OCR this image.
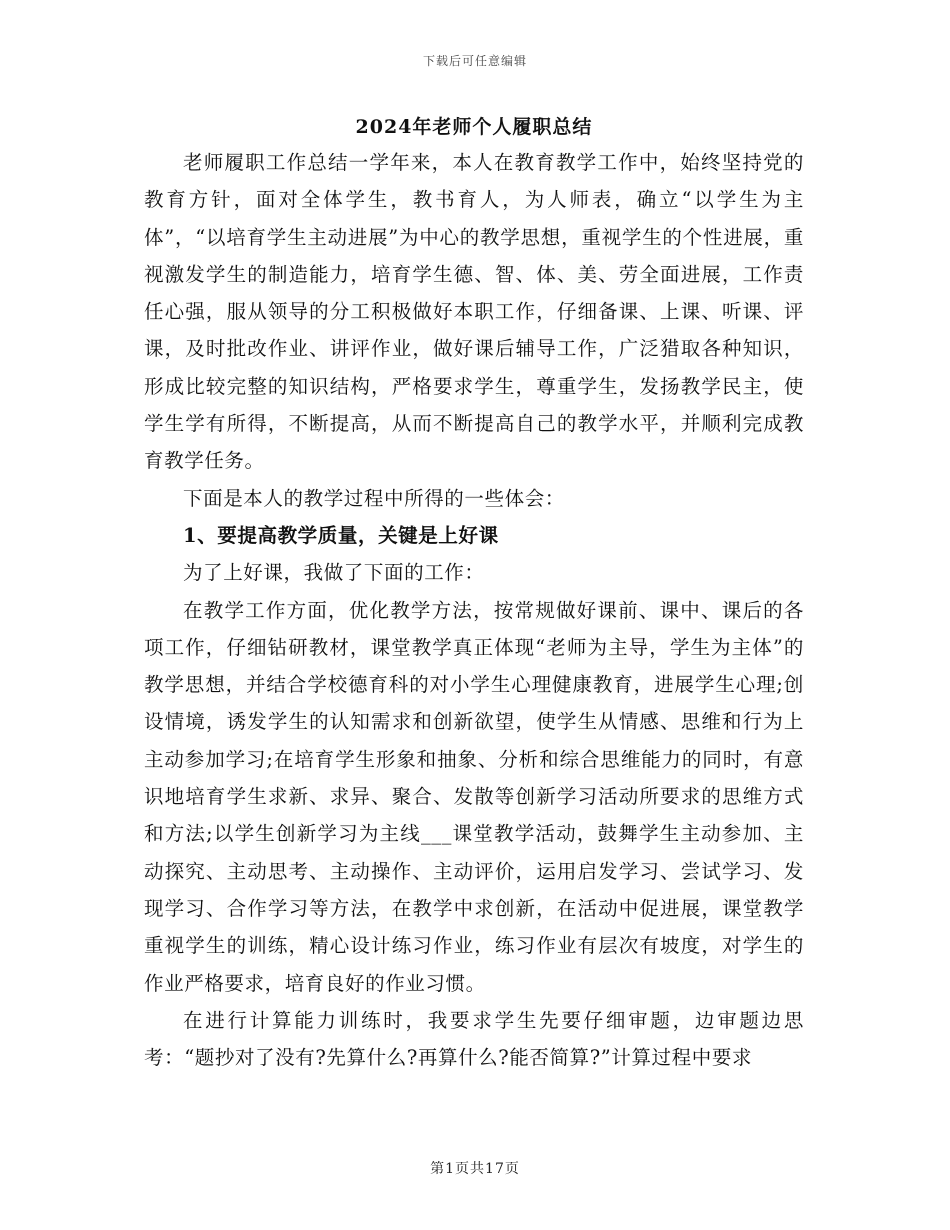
下载后可任意编辑
2024年老师个人履职总结

老师履职工作总结一学年来，本人在教育教学工作中，始终坚持党的教育方针，面对全体学生，教书育人，为人师表，确立“以学生为主体”，“以培育学生主动进展”为中心的教学思想，重视学生的个性进展，重视激发学生的制造能力，培育学生德、智、体、美、劳全面进展，工作责任心强，服从领导的分工积极做好本职工作，仔细备课、上课、听课、评课，及时批改作业、讲评作业，做好课后辅导工作，广泛猎取各种知识，形成比较完整的知识结构，严格要求学生，尊重学生，发扬教学民主，使学生学有所得，不断提高，从而不断提高自己的教学水平，并顺利完成教育教学任务。

下面是本人的教学过程中所得的一些体会：

1、要提高教学质量，关键是上好课

为了上好课，我做了下面的工作：

在教学工作方面，优化教学方法，按常规做好课前、课中、课后的各项工作，仔细钻研教材，课堂教学真正体现“老师为主导，学生为主体”的教学思想，并结合学校德育科的对小学生心理健康教育，进展学生心理;创设情境，诱发学生的认知需求和创新欲望，使学生从情感、思维和行为上主动参加学习;在培育学生形象和抽象、分析和综合思维能力的同时，有意识地培育学生求新、求异、聚合、发散等创新学习活动所要求的思维方式和方法;以学生创新学习为主线___课堂教学活动，鼓舞学生主动参加、主动探究、主动思考、主动操作、主动评价，运用启发学习、尝试学习、发现学习、合作学习等方法，在教学中求创新，在活动中促进展，课堂教学重视学生的训练，精心设计练习作业，练习作业有层次有坡度，对学生的作业严格要求，培育良好的作业习惯。

在进行计算能力训练时，我要求学生先要仔细审题，边审题边思考：“题抄对了没有?先算什么?再算什么?能否简算?”计算过程中要求

第1页共17页
